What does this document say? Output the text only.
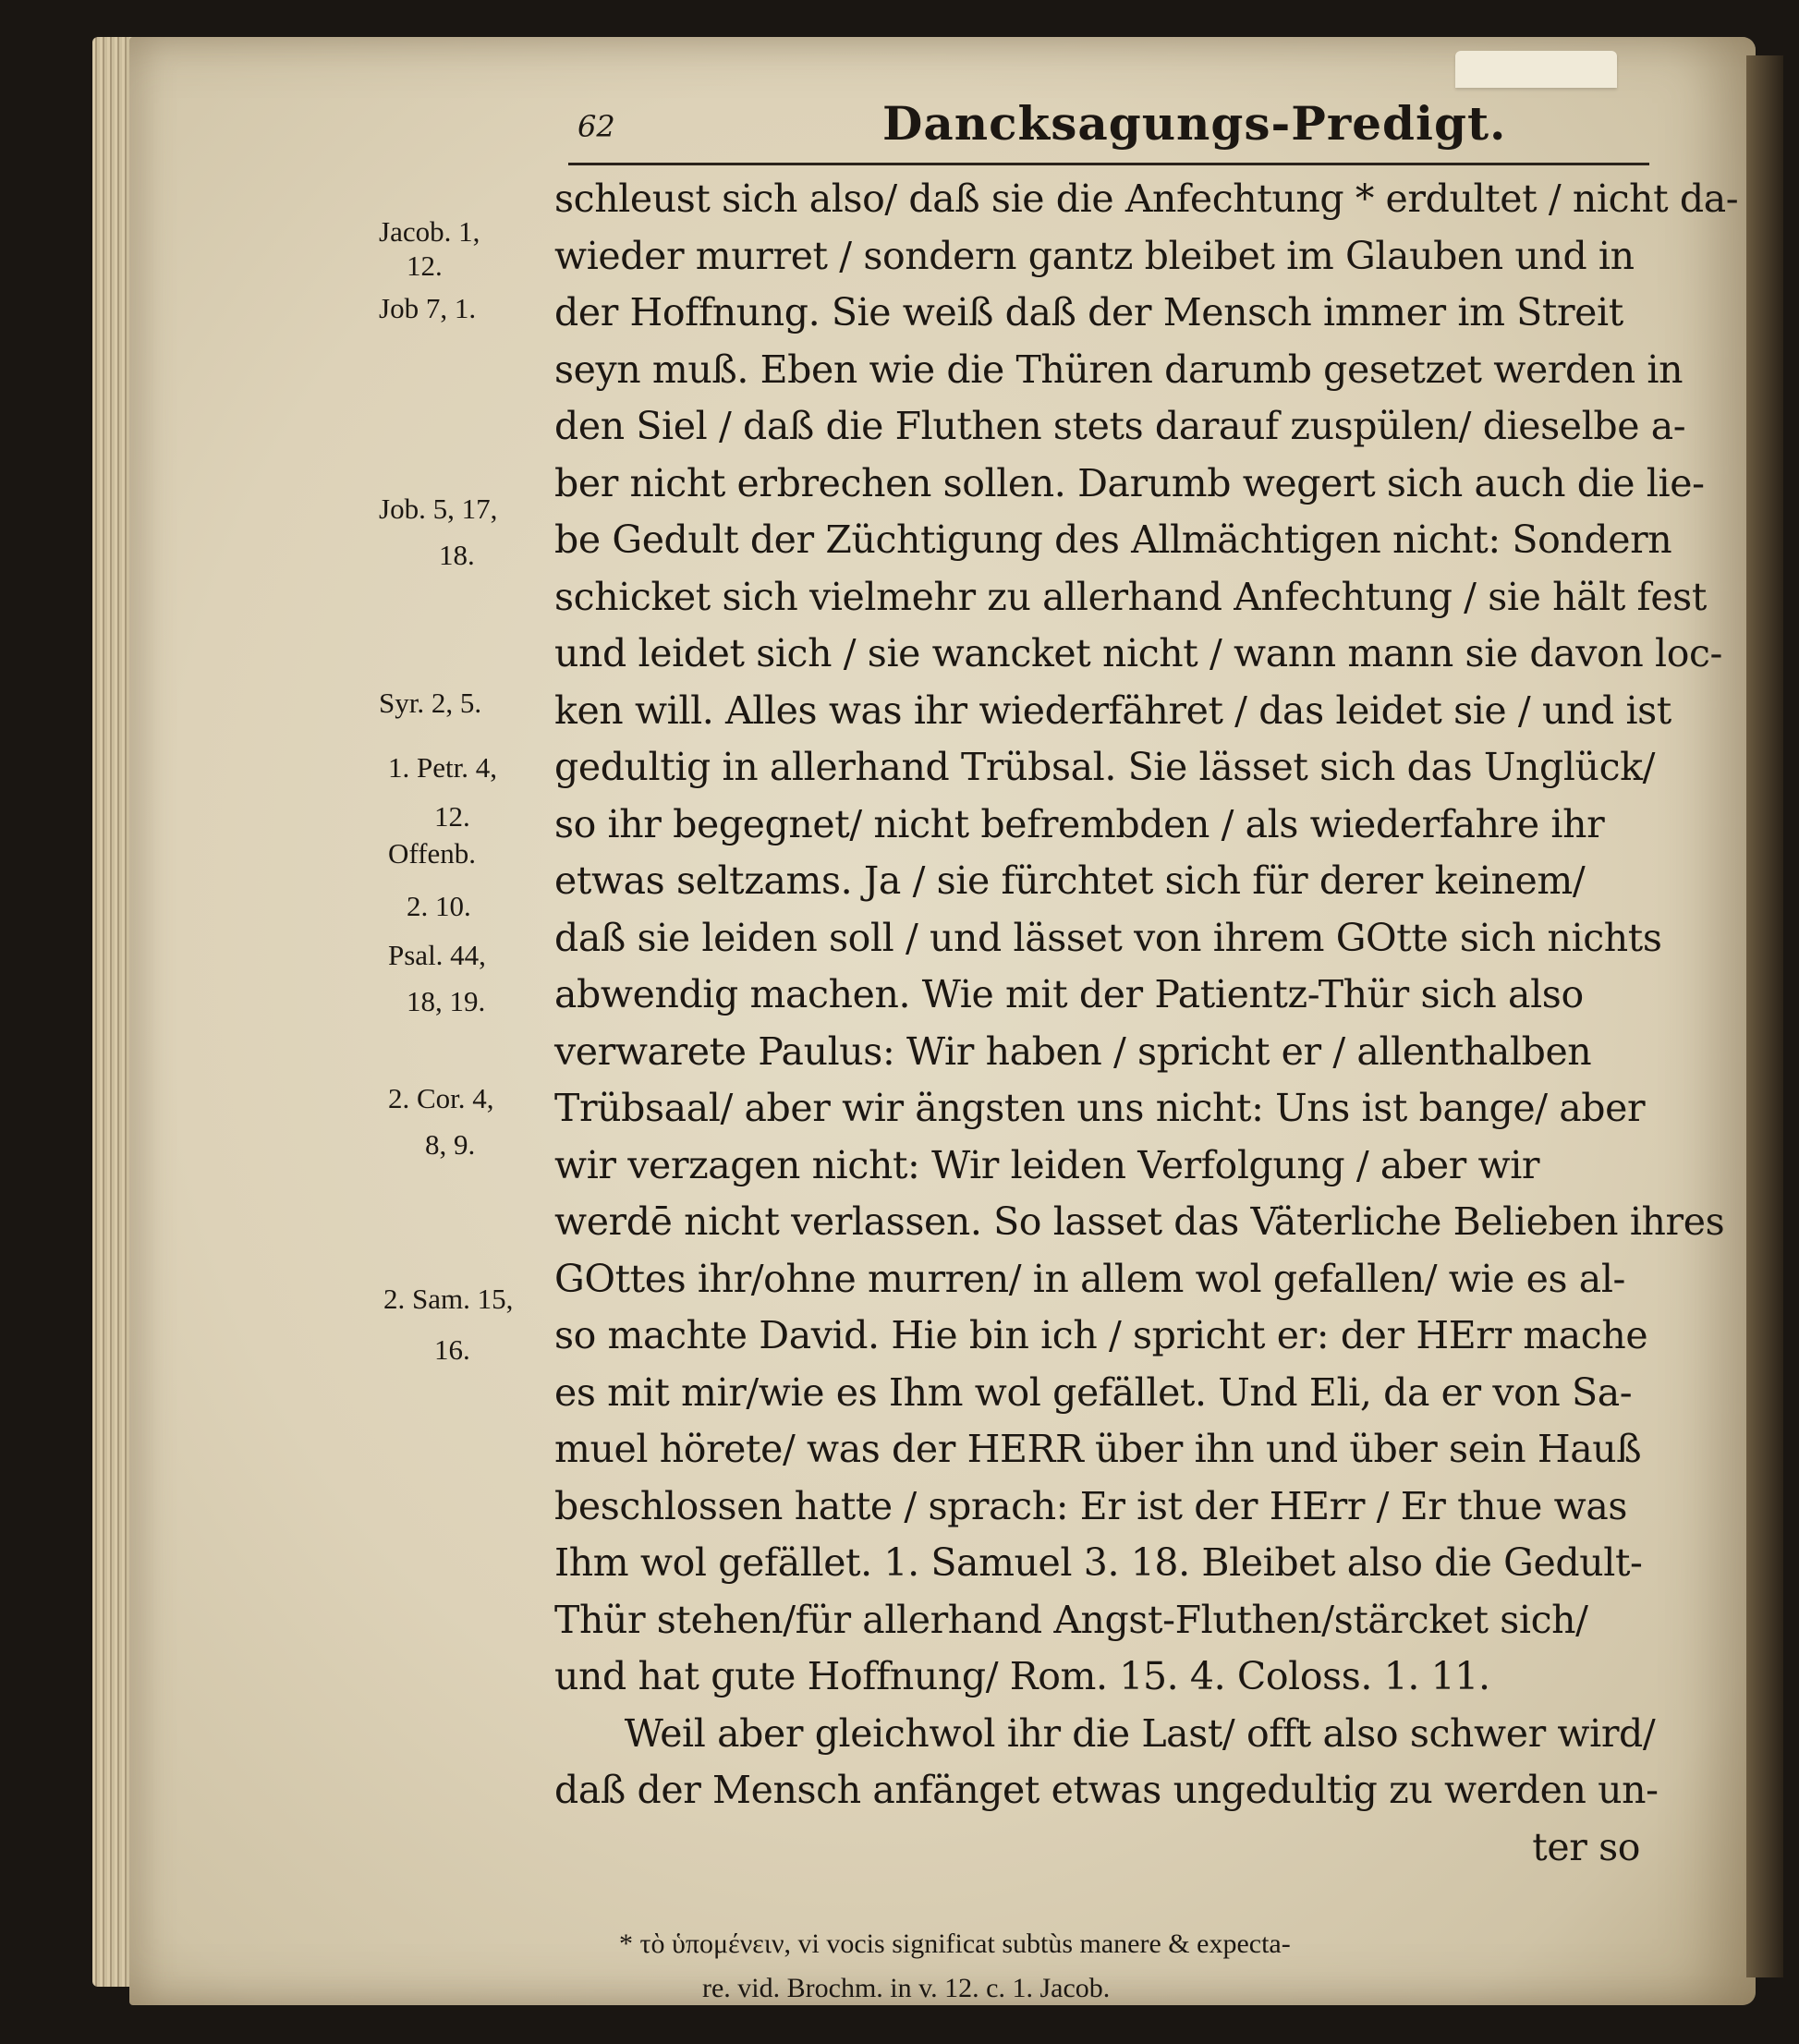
62	Dancksagungs-Predigt.
Jacob. 1,
12.
Job 7, 1.
Job. 5, 17,
18.
Syr. 2, 5.
1. Petr. 4,
12.
Offenb.
2. 10.
Psal. 44,
18, 19.
2. Cor. 4,
8, 9.
2. Sam. 15,
16.
schleust sich also/ daß sie die Anfechtung * erdultet / nicht da-
wieder murret / sondern gantz bleibet im Glauben und in
der Hoffnung. Sie weiß daß der Mensch immer im Streit
seyn muß. Eben wie die Thüren darumb gesetzet werden in
den Siel / daß die Fluthen stets darauf zuspülen/ dieselbe a-
ber nicht erbrechen sollen. Darumb wegert sich auch die lie-
be Gedult der Züchtigung des Allmächtigen nicht: Sondern
schicket sich vielmehr zu allerhand Anfechtung / sie hält fest
und leidet sich / sie wancket nicht / wann mann sie davon loc-
ken will. Alles was ihr wiederfähret / das leidet sie / und ist
gedultig in allerhand Trübsal. Sie lässet sich das Unglück/
so ihr begegnet/ nicht befrembden / als wiederfahre ihr
etwas seltzams. Ja / sie fürchtet sich für derer keinem/
daß sie leiden soll / und lässet von ihrem GOtte sich nichts
abwendig machen. Wie mit der Patientz-Thür sich also
verwarete Paulus: Wir haben / spricht er / allenthalben
Trübsaal/ aber wir ängsten uns nicht: Uns ist bange/ aber
wir verzagen nicht: Wir leiden Verfolgung / aber wir
werdē nicht verlassen. So lasset das Väterliche Belieben ihres
GOttes ihr/ohne murren/ in allem wol gefallen/ wie es al-
so machte David. Hie bin ich / spricht er: der HErr mache
es mit mir/wie es Ihm wol gefället. Und Eli, da er von Sa-
muel hörete/ was der HERR über ihn und über sein Hauß
beschlossen hatte / sprach: Er ist der HErr / Er thue was
Ihm wol gefället. 1. Samuel 3. 18. Bleibet also die Gedult-
Thür stehen/für allerhand Angst-Fluthen/stärcket sich/
und hat gute Hoffnung/ Rom. 15. 4. Coloss. 1. 11.
Weil aber gleichwol ihr die Last/ offt also schwer wird/
daß der Mensch anfänget etwas ungedultig zu werden un-
ter so
* τὸ ὑπομένειν, vi vocis significat subtùs manere & expecta-
re. vid. Brochm. in v. 12. c. 1. Jacob.
